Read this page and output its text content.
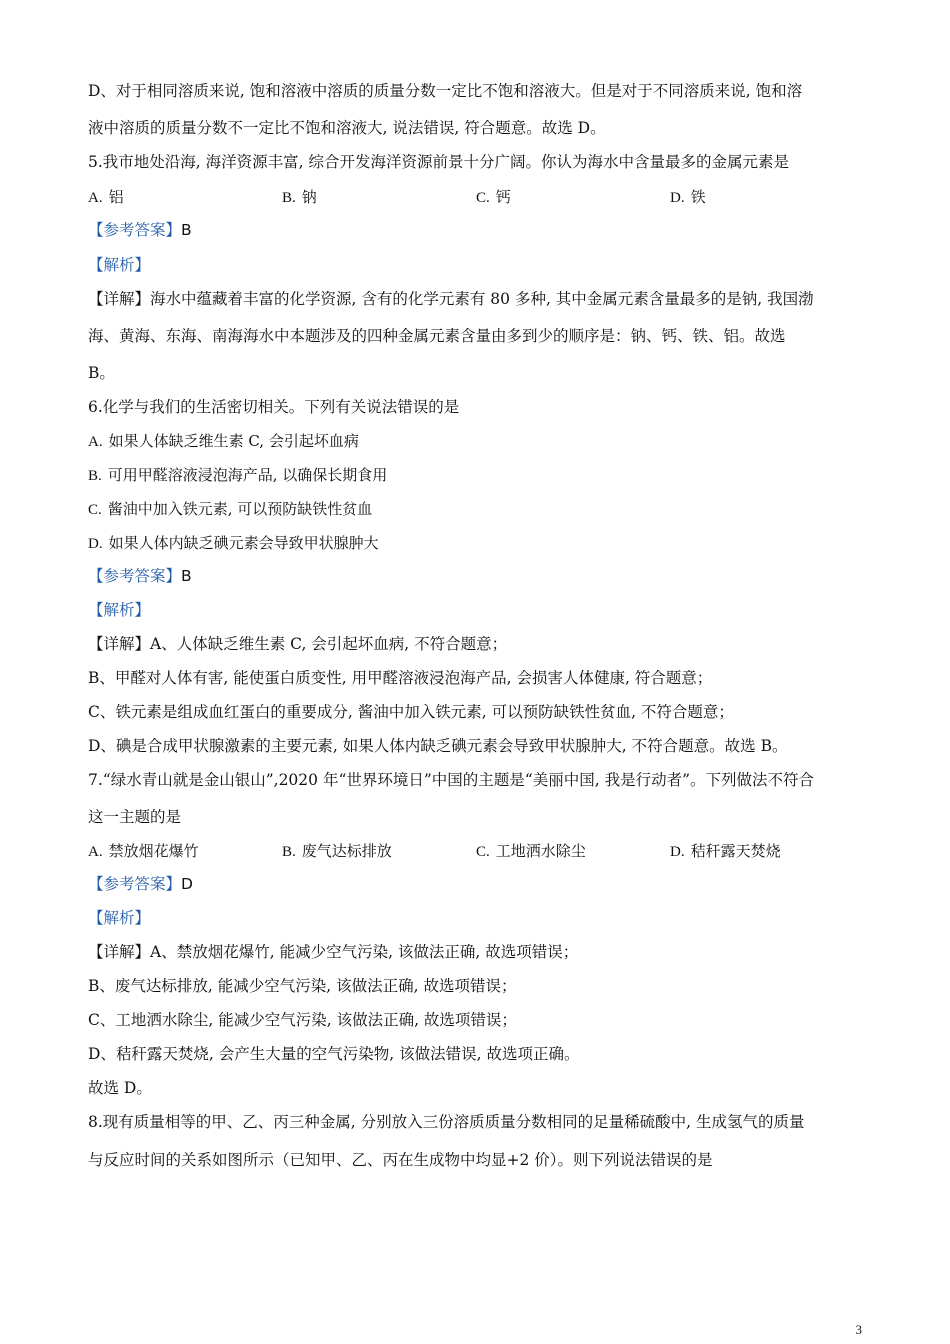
D、对于相同溶质来说, 饱和溶液中溶质的质量分数一定比不饱和溶液大。但是对于不同溶质来说, 饱和溶
液中溶质的质量分数不一定比不饱和溶液大, 说法错误, 符合题意。故选 D。
5.我市地处沿海, 海洋资源丰富, 综合开发海洋资源前景十分广阔。你认为海水中含量最多的金属元素是
A. 铝	B. 钠	C. 钙	D. 铁
【参考答案】B
【解析】
【详解】海水中蕴藏着丰富的化学资源, 含有的化学元素有 80 多种, 其中金属元素含量最多的是钠, 我国渤
海、黄海、东海、南海海水中本题涉及的四种金属元素含量由多到少的顺序是：钠、钙、铁、铝。故选
B。
6.化学与我们的生活密切相关。下列有关说法错误的是
A. 如果人体缺乏维生素 C, 会引起坏血病
B. 可用甲醛溶液浸泡海产品, 以确保长期食用
C. 酱油中加入铁元素, 可以预防缺铁性贫血
D. 如果人体内缺乏碘元素会导致甲状腺肿大
【参考答案】B
【解析】
【详解】A、人体缺乏维生素 C, 会引起坏血病, 不符合题意；
B、甲醛对人体有害, 能使蛋白质变性, 用甲醛溶液浸泡海产品, 会损害人体健康, 符合题意；
C、铁元素是组成血红蛋白的重要成分, 酱油中加入铁元素, 可以预防缺铁性贫血, 不符合题意；
D、碘是合成甲状腺激素的主要元素, 如果人体内缺乏碘元素会导致甲状腺肿大, 不符合题意。故选 B。
7.“绿水青山就是金山银山”,2020 年“世界环境日”中国的主题是“美丽中国, 我是行动者”。下列做法不符合
这一主题的是
A. 禁放烟花爆竹	B. 废气达标排放	C. 工地洒水除尘	D. 秸秆露天焚烧
【参考答案】D
【解析】
【详解】A、禁放烟花爆竹, 能减少空气污染, 该做法正确, 故选项错误；
B、废气达标排放, 能减少空气污染, 该做法正确, 故选项错误；
C、工地洒水除尘, 能减少空气污染, 该做法正确, 故选项错误；
D、秸秆露天焚烧, 会产生大量的空气污染物, 该做法错误, 故选项正确。
故选 D。
8.现有质量相等的甲、乙、丙三种金属, 分别放入三份溶质质量分数相同的足量稀硫酸中, 生成氢气的质量
与反应时间的关系如图所示（已知甲、乙、丙在生成物中均显+2 价）。则下列说法错误的是
3
